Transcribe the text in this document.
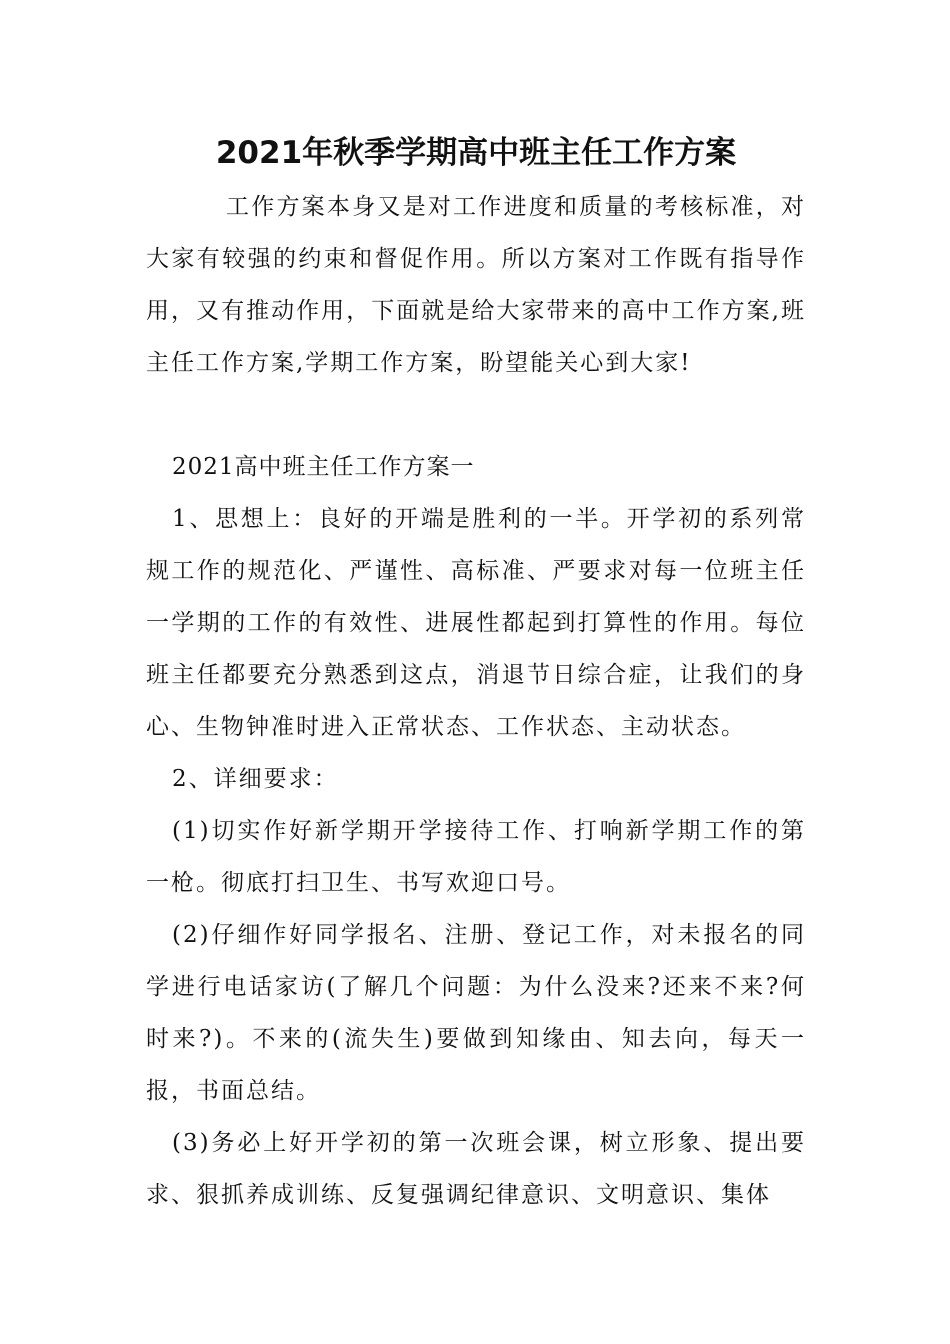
2021年秋季学期高中班主任工作方案

工作方案本身又是对工作进度和质量的考核标准，对大家有较强的约束和督促作用。所以方案对工作既有指导作用，又有推动作用，下面就是给大家带来的高中工作方案,班主任工作方案,学期工作方案，盼望能关心到大家!

2021高中班主任工作方案一

1、思想上：良好的开端是胜利的一半。开学初的系列常规工作的规范化、严谨性、高标准、严要求对每一位班主任一学期的工作的有效性、进展性都起到打算性的作用。每位班主任都要充分熟悉到这点，消退节日综合症，让我们的身心、生物钟准时进入正常状态、工作状态、主动状态。

2、详细要求：

(1)切实作好新学期开学接待工作、打响新学期工作的第一枪。彻底打扫卫生、书写欢迎口号。

(2)仔细作好同学报名、注册、登记工作，对未报名的同学进行电话家访(了解几个问题：为什么没来?还来不来?何时来?)。不来的(流失生)要做到知缘由、知去向，每天一报，书面总结。

(3)务必上好开学初的第一次班会课，树立形象、提出要求、狠抓养成训练、反复强调纪律意识、文明意识、集体
